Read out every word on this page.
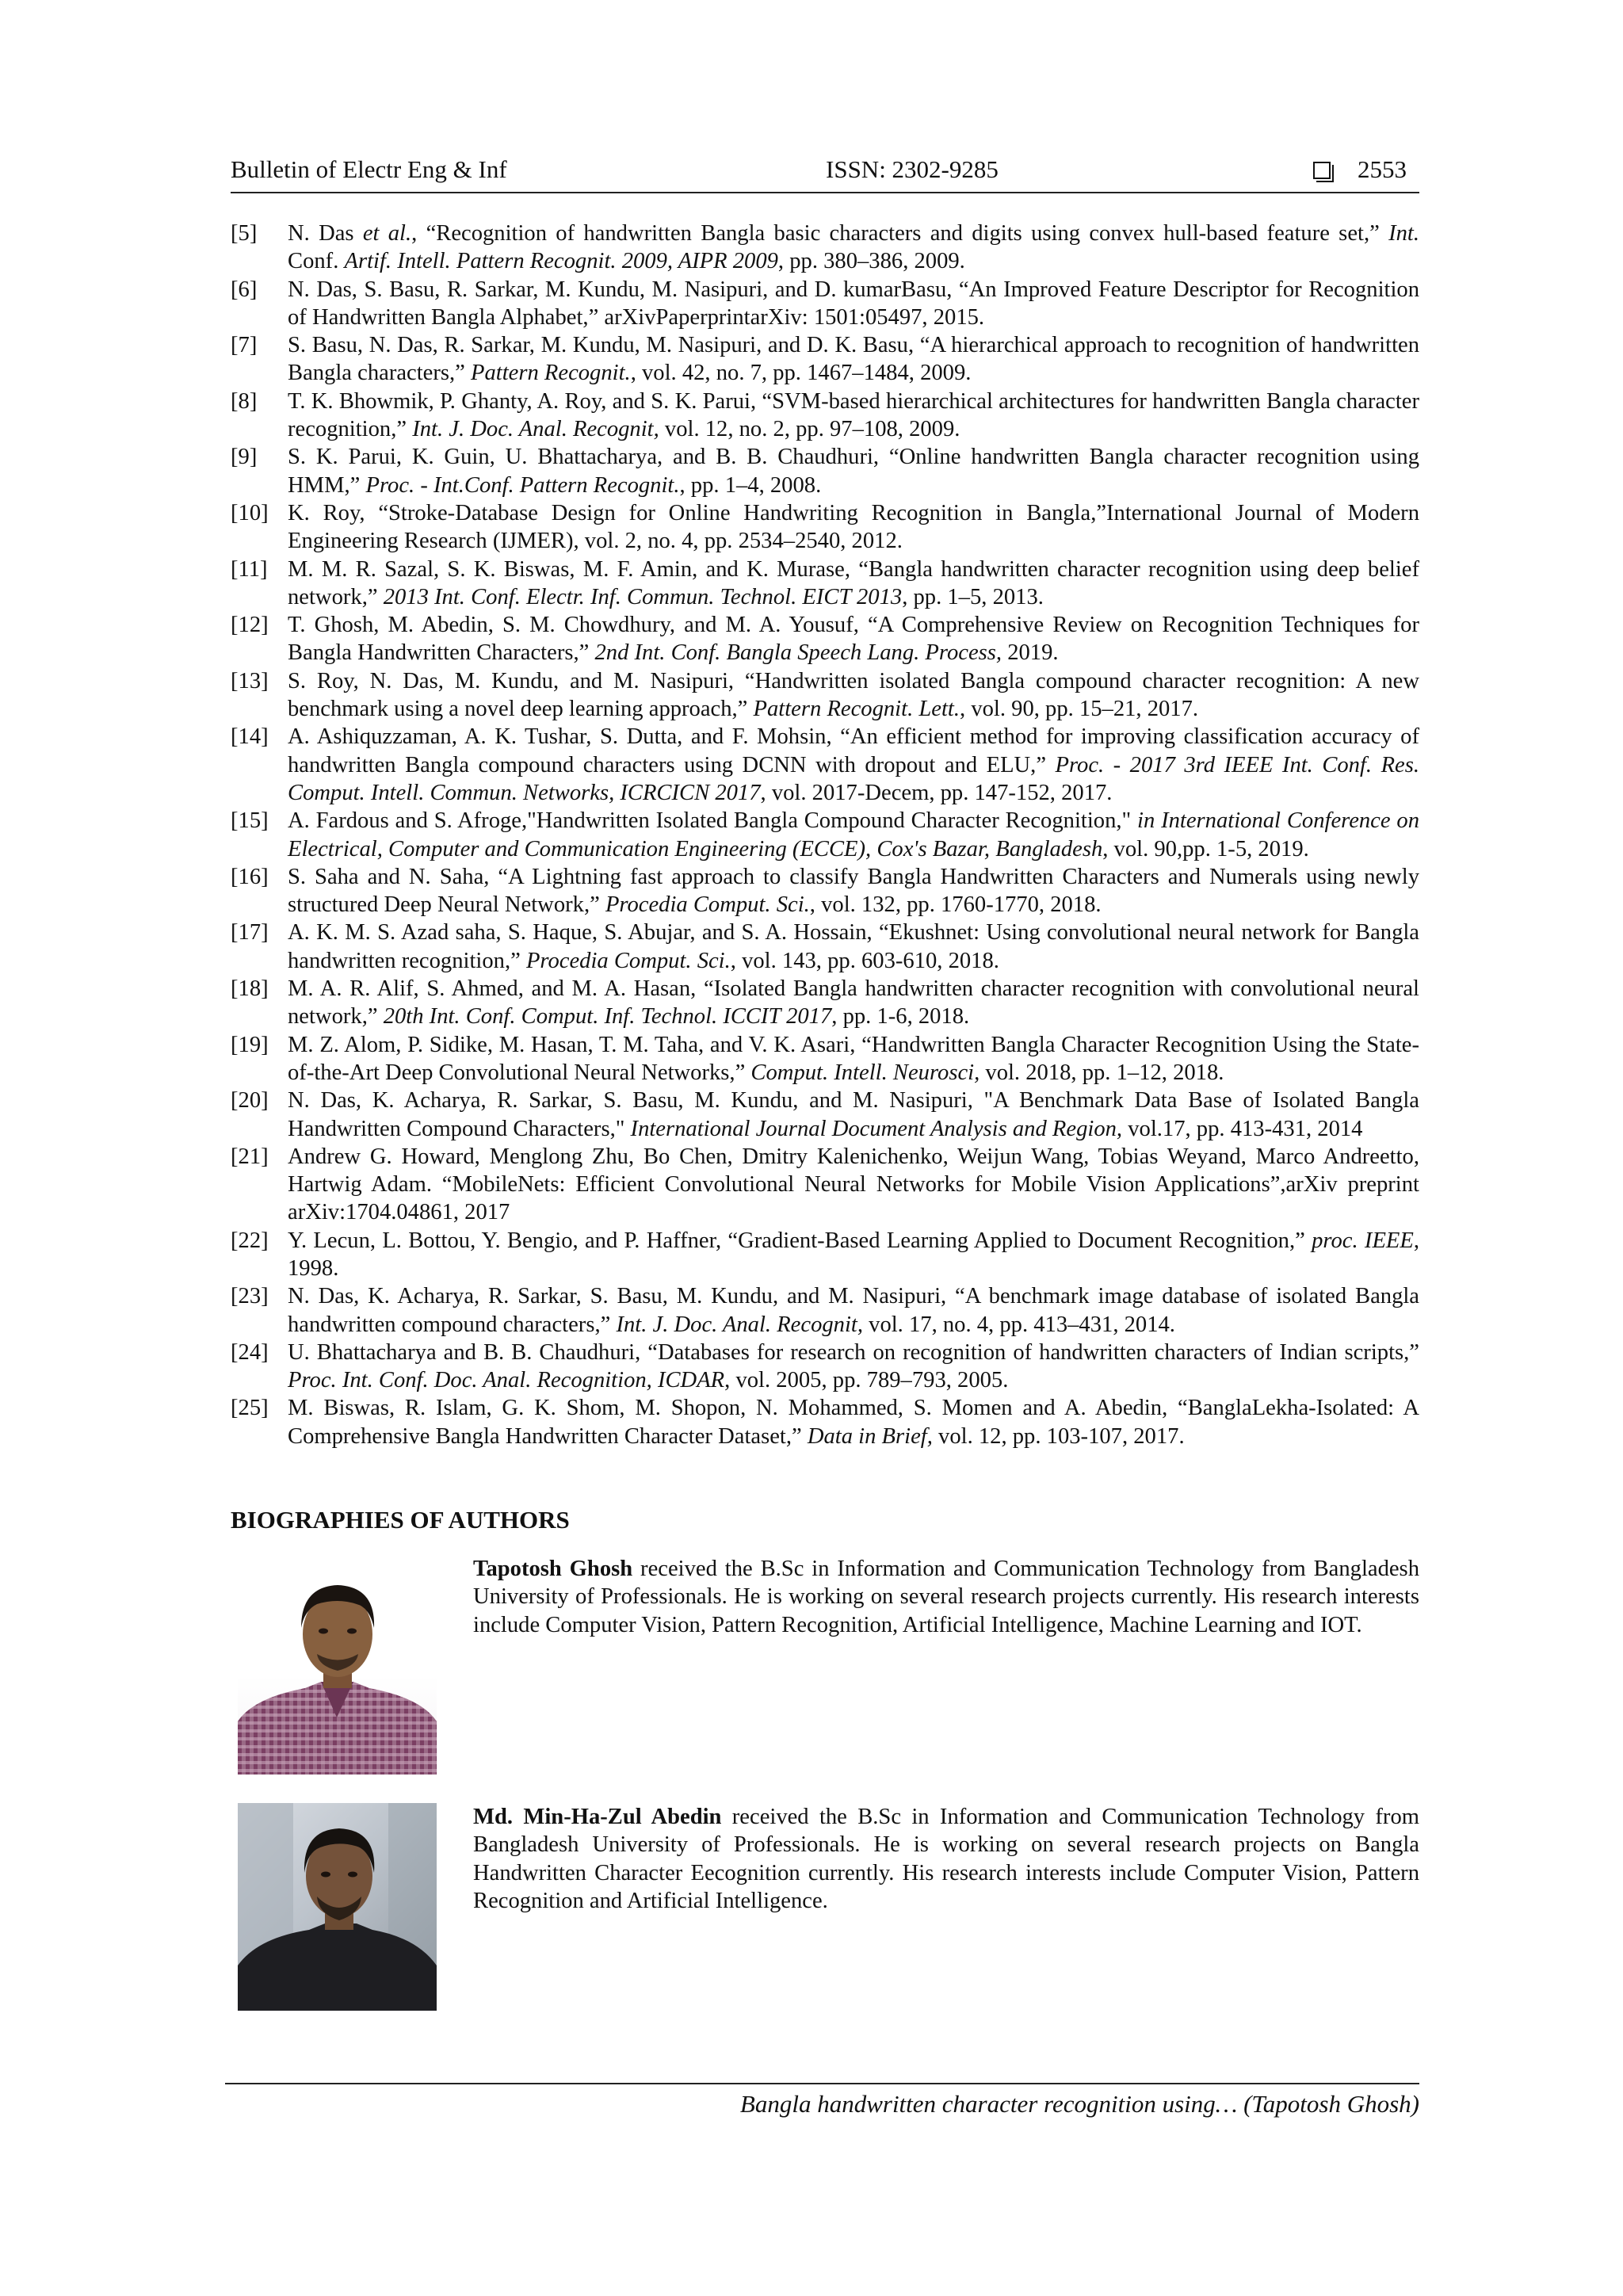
Bulletin of Electr Eng & Inf	ISSN: 2302-9285	2553
[5] N. Das et al., “Recognition of handwritten Bangla basic characters and digits using convex hull-based feature set,” Int. Conf. Artif. Intell. Pattern Recognit. 2009, AIPR 2009, pp. 380–386, 2009.
[6] N. Das, S. Basu, R. Sarkar, M. Kundu, M. Nasipuri, and D. kumarBasu, “An Improved Feature Descriptor for Recognition of Handwritten Bangla Alphabet,” arXivPaperprintarXiv: 1501:05497, 2015.
[7] S. Basu, N. Das, R. Sarkar, M. Kundu, M. Nasipuri, and D. K. Basu, “A hierarchical approach to recognition of handwritten Bangla characters,” Pattern Recognit., vol. 42, no. 7, pp. 1467–1484, 2009.
[8] T. K. Bhowmik, P. Ghanty, A. Roy, and S. K. Parui, “SVM-based hierarchical architectures for handwritten Bangla character recognition,” Int. J. Doc. Anal. Recognit, vol. 12, no. 2, pp. 97–108, 2009.
[9] S. K. Parui, K. Guin, U. Bhattacharya, and B. B. Chaudhuri, “Online handwritten Bangla character recognition using HMM,” Proc. - Int.Conf. Pattern Recognit., pp. 1–4, 2008.
[10] K. Roy, “Stroke-Database Design for Online Handwriting Recognition in Bangla,”International Journal of Modern Engineering Research (IJMER), vol. 2, no. 4, pp. 2534–2540, 2012.
[11] M. M. R. Sazal, S. K. Biswas, M. F. Amin, and K. Murase, “Bangla handwritten character recognition using deep belief network,” 2013 Int. Conf. Electr. Inf. Commun. Technol. EICT 2013, pp. 1–5, 2013.
[12] T. Ghosh, M. Abedin, S. M. Chowdhury, and M. A. Yousuf, “A Comprehensive Review on Recognition Techniques for Bangla Handwritten Characters,” 2nd Int. Conf. Bangla Speech Lang. Process, 2019.
[13] S. Roy, N. Das, M. Kundu, and M. Nasipuri, “Handwritten isolated Bangla compound character recognition: A new benchmark using a novel deep learning approach,” Pattern Recognit. Lett., vol. 90, pp. 15–21, 2017.
[14] A. Ashiquzzaman, A. K. Tushar, S. Dutta, and F. Mohsin, “An efficient method for improving classification accuracy of handwritten Bangla compound characters using DCNN with dropout and ELU,” Proc. - 2017 3rd IEEE Int. Conf. Res. Comput. Intell. Commun. Networks, ICRCICN 2017, vol. 2017-Decem, pp. 147-152, 2017.
[15] A. Fardous and S. Afroge,"Handwritten Isolated Bangla Compound Character Recognition," in International Conference on Electrical, Computer and Communication Engineering (ECCE), Cox's Bazar, Bangladesh, vol. 90,pp. 1-5, 2019.
[16] S. Saha and N. Saha, “A Lightning fast approach to classify Bangla Handwritten Characters and Numerals using newly structured Deep Neural Network,” Procedia Comput. Sci., vol. 132, pp. 1760-1770, 2018.
[17] A. K. M. S. Azad saha, S. Haque, S. Abujar, and S. A. Hossain, “Ekushnet: Using convolutional neural network for Bangla handwritten recognition,” Procedia Comput. Sci., vol. 143, pp. 603-610, 2018.
[18] M. A. R. Alif, S. Ahmed, and M. A. Hasan, “Isolated Bangla handwritten character recognition with convolutional neural network,” 20th Int. Conf. Comput. Inf. Technol. ICCIT 2017, pp. 1-6, 2018.
[19] M. Z. Alom, P. Sidike, M. Hasan, T. M. Taha, and V. K. Asari, “Handwritten Bangla Character Recognition Using the State-of-the-Art Deep Convolutional Neural Networks,” Comput. Intell. Neurosci, vol. 2018, pp. 1–12, 2018.
[20] N. Das, K. Acharya, R. Sarkar, S. Basu, M. Kundu, and M. Nasipuri, "A Benchmark Data Base of Isolated Bangla Handwritten Compound Characters," International Journal Document Analysis and Region, vol.17, pp. 413-431, 2014
[21] Andrew G. Howard, Menglong Zhu, Bo Chen, Dmitry Kalenichenko, Weijun Wang, Tobias Weyand, Marco Andreetto, Hartwig Adam. “MobileNets: Efficient Convolutional Neural Networks for Mobile Vision Applications”,arXiv preprint arXiv:1704.04861, 2017
[22] Y. Lecun, L. Bottou, Y. Bengio, and P. Haffner, “Gradient-Based Learning Applied to Document Recognition,” proc. IEEE, 1998.
[23] N. Das, K. Acharya, R. Sarkar, S. Basu, M. Kundu, and M. Nasipuri, “A benchmark image database of isolated Bangla handwritten compound characters,” Int. J. Doc. Anal. Recognit, vol. 17, no. 4, pp. 413–431, 2014.
[24] U. Bhattacharya and B. B. Chaudhuri, “Databases for research on recognition of handwritten characters of Indian scripts,” Proc. Int. Conf. Doc. Anal. Recognition, ICDAR, vol. 2005, pp. 789–793, 2005.
[25] M. Biswas, R. Islam, G. K. Shom, M. Shopon, N. Mohammed, S. Momen and A. Abedin, “BanglaLekha-Isolated: A Comprehensive Bangla Handwritten Character Dataset,” Data in Brief, vol. 12, pp. 103-107, 2017.
BIOGRAPHIES OF AUTHORS
Tapotosh Ghosh received the B.Sc in Information and Communication Technology from Bangladesh University of Professionals. He is working on several research projects currently. His research interests include Computer Vision, Pattern Recognition, Artificial Intelligence, Machine Learning and IOT.
Md. Min-Ha-Zul Abedin received the B.Sc in Information and Communication Technology from Bangladesh University of Professionals. He is working on several research projects on Bangla Handwritten Character Eecognition currently. His research interests include Computer Vision, Pattern Recognition and Artificial Intelligence.
Bangla handwritten character recognition using… (Tapotosh Ghosh)
